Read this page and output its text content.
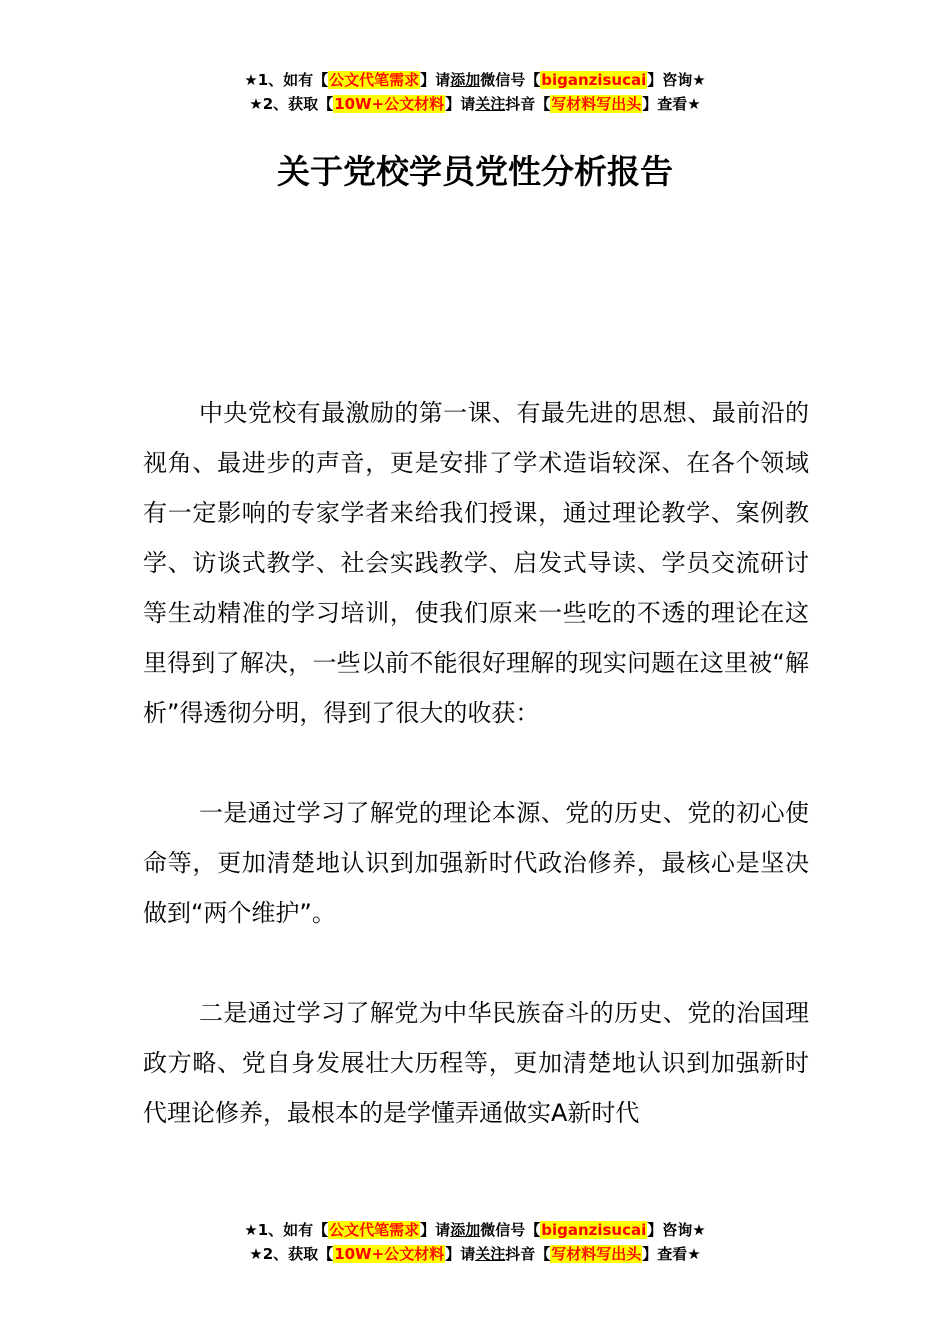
★1、如有【公文代笔需求】请添加微信号【biganzisucai】咨询★
★2、获取【10W+公文材料】请关注抖音【写材料写出头】查看★
关于党校学员党性分析报告

中央党校有最激励的第一课、有最先进的思想、最前沿的视角、最进步的声音，更是安排了学术造诣较深、在各个领域有一定影响的专家学者来给我们授课，通过理论教学、案例教学、访谈式教学、社会实践教学、启发式导读、学员交流研讨等生动精准的学习培训，使我们原来一些吃的不透的理论在这里得到了解决，一些以前不能很好理解的现实问题在这里被“解析”得透彻分明，得到了很大的收获：

一是通过学习了解党的理论本源、党的历史、党的初心使命等，更加清楚地认识到加强新时代政治修养，最核心是坚决做到“两个维护”。

二是通过学习了解党为中华民族奋斗的历史、党的治国理政方略、党自身发展壮大历程等，更加清楚地认识到加强新时代理论修养，最根本的是学懂弄通做实A新时代

★1、如有【公文代笔需求】请添加微信号【biganzisucai】咨询★
★2、获取【10W+公文材料】请关注抖音【写材料写出头】查看★
